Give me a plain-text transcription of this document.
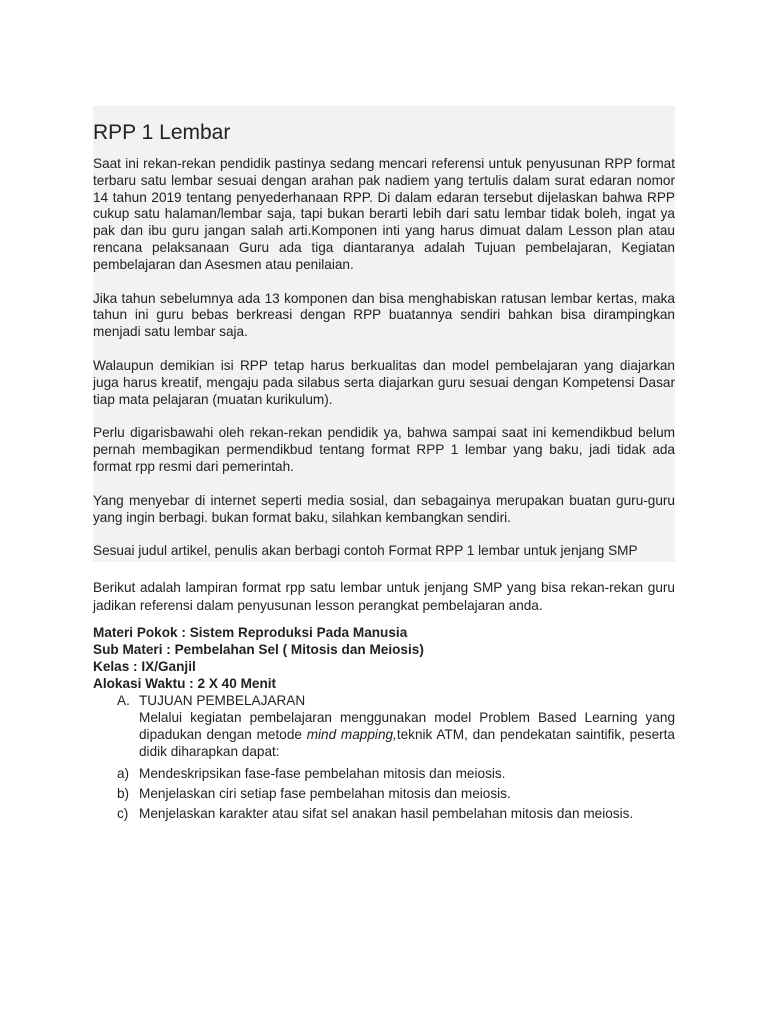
RPP 1 Lembar

Saat ini rekan-rekan pendidik pastinya sedang mencari referensi untuk penyusunan RPP format terbaru satu lembar sesuai dengan arahan pak nadiem yang tertulis dalam surat edaran nomor 14 tahun 2019 tentang penyederhanaan RPP. Di dalam edaran tersebut dijelaskan bahwa RPP cukup satu halaman/lembar saja, tapi bukan berarti lebih dari satu lembar tidak boleh, ingat ya pak dan ibu guru jangan salah arti.Komponen inti yang harus dimuat dalam Lesson plan atau rencana pelaksanaan Guru ada tiga diantaranya adalah Tujuan pembelajaran, Kegiatan pembelajaran dan Asesmen atau penilaian.

Jika tahun sebelumnya ada 13 komponen dan bisa menghabiskan ratusan lembar kertas, maka tahun ini guru bebas berkreasi dengan RPP buatannya sendiri bahkan bisa dirampingkan menjadi satu lembar saja.

Walaupun demikian isi RPP tetap harus berkualitas dan model pembelajaran yang diajarkan juga harus kreatif, mengaju pada silabus serta diajarkan guru sesuai dengan Kompetensi Dasar tiap mata pelajaran (muatan kurikulum).

Perlu digarisbawahi oleh rekan-rekan pendidik ya, bahwa sampai saat ini kemendikbud belum pernah membagikan permendikbud tentang format RPP 1 lembar yang baku, jadi tidak ada format rpp resmi dari pemerintah.

Yang menyebar di internet seperti media sosial, dan sebagainya merupakan buatan guru-guru yang ingin berbagi. bukan format baku, silahkan kembangkan sendiri.

Sesuai judul artikel, penulis akan berbagi contoh Format RPP 1 lembar untuk jenjang SMP

Berikut adalah lampiran format rpp satu lembar untuk jenjang SMP yang bisa rekan-rekan guru jadikan referensi dalam penyusunan lesson perangkat pembelajaran anda.

Materi Pokok : Sistem Reproduksi Pada Manusia

Sub Materi : Pembelahan Sel ( Mitosis dan Meiosis)

Kelas : IX/Ganjil

Alokasi Waktu : 2 X 40 Menit

A. TUJUAN PEMBELAJARAN
Melalui kegiatan pembelajaran menggunakan model Problem Based Learning yang dipadukan dengan metode mind mapping,teknik ATM, dan pendekatan saintifik, peserta didik diharapkan dapat:
a) Mendeskripsikan fase-fase pembelahan mitosis dan meiosis.
b) Menjelaskan ciri setiap fase pembelahan mitosis dan meiosis.
c) Menjelaskan karakter atau sifat sel anakan hasil pembelahan mitosis dan meiosis.
